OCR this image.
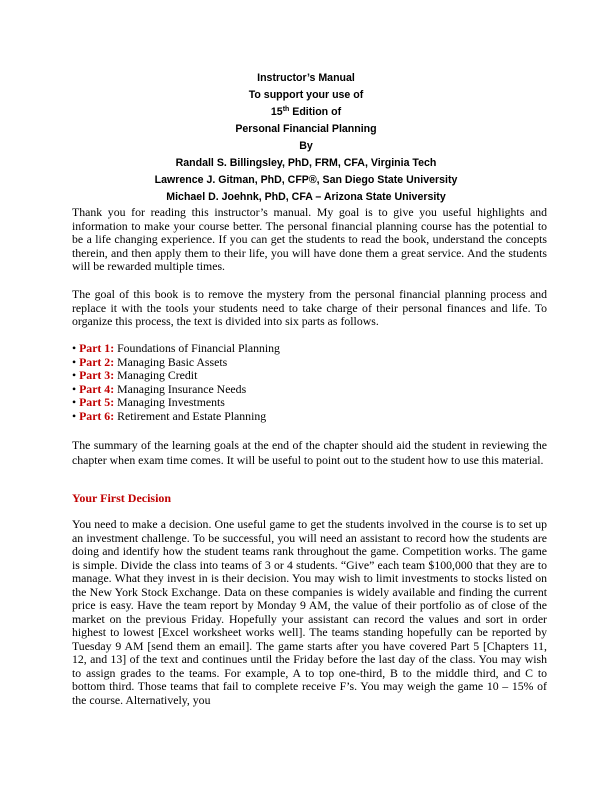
Instructor’s Manual
To support your use of
15th Edition of
Personal Financial Planning
By
Randall S. Billingsley, PhD, FRM, CFA, Virginia Tech
Lawrence J. Gitman, PhD, CFP®, San Diego State University
Michael D. Joehnk, PhD, CFA – Arizona State University

Thank you for reading this instructor’s manual. My goal is to give you useful highlights and information to make your course better. The personal financial planning course has the potential to be a life changing experience. If you can get the students to read the book, understand the concepts therein, and then apply them to their life, you will have done them a great service. And the students will be rewarded multiple times.

The goal of this book is to remove the mystery from the personal financial planning process and replace it with the tools your students need to take charge of their personal finances and life. To organize this process, the text is divided into six parts as follows.

• Part 1: Foundations of Financial Planning
• Part 2: Managing Basic Assets
• Part 3: Managing Credit
• Part 4: Managing Insurance Needs
• Part 5: Managing Investments
• Part 6: Retirement and Estate Planning

The summary of the learning goals at the end of the chapter should aid the student in reviewing the chapter when exam time comes. It will be useful to point out to the student how to use this material.

Your First Decision

You need to make a decision. One useful game to get the students involved in the course is to set up an investment challenge. To be successful, you will need an assistant to record how the students are doing and identify how the student teams rank throughout the game. Competition works. The game is simple. Divide the class into teams of 3 or 4 students. “Give” each team $100,000 that they are to manage. What they invest in is their decision. You may wish to limit investments to stocks listed on the New York Stock Exchange. Data on these companies is widely available and finding the current price is easy. Have the team report by Monday 9 AM, the value of their portfolio as of close of the market on the previous Friday. Hopefully your assistant can record the values and sort in order highest to lowest [Excel worksheet works well]. The teams standing hopefully can be reported by Tuesday 9 AM [send them an email]. The game starts after you have covered Part 5 [Chapters 11, 12, and 13] of the text and continues until the Friday before the last day of the class. You may wish to assign grades to the teams. For example, A to top one-third, B to the middle third, and C to bottom third. Those teams that fail to complete receive F’s. You may weigh the game 10 – 15% of the course. Alternatively, you
